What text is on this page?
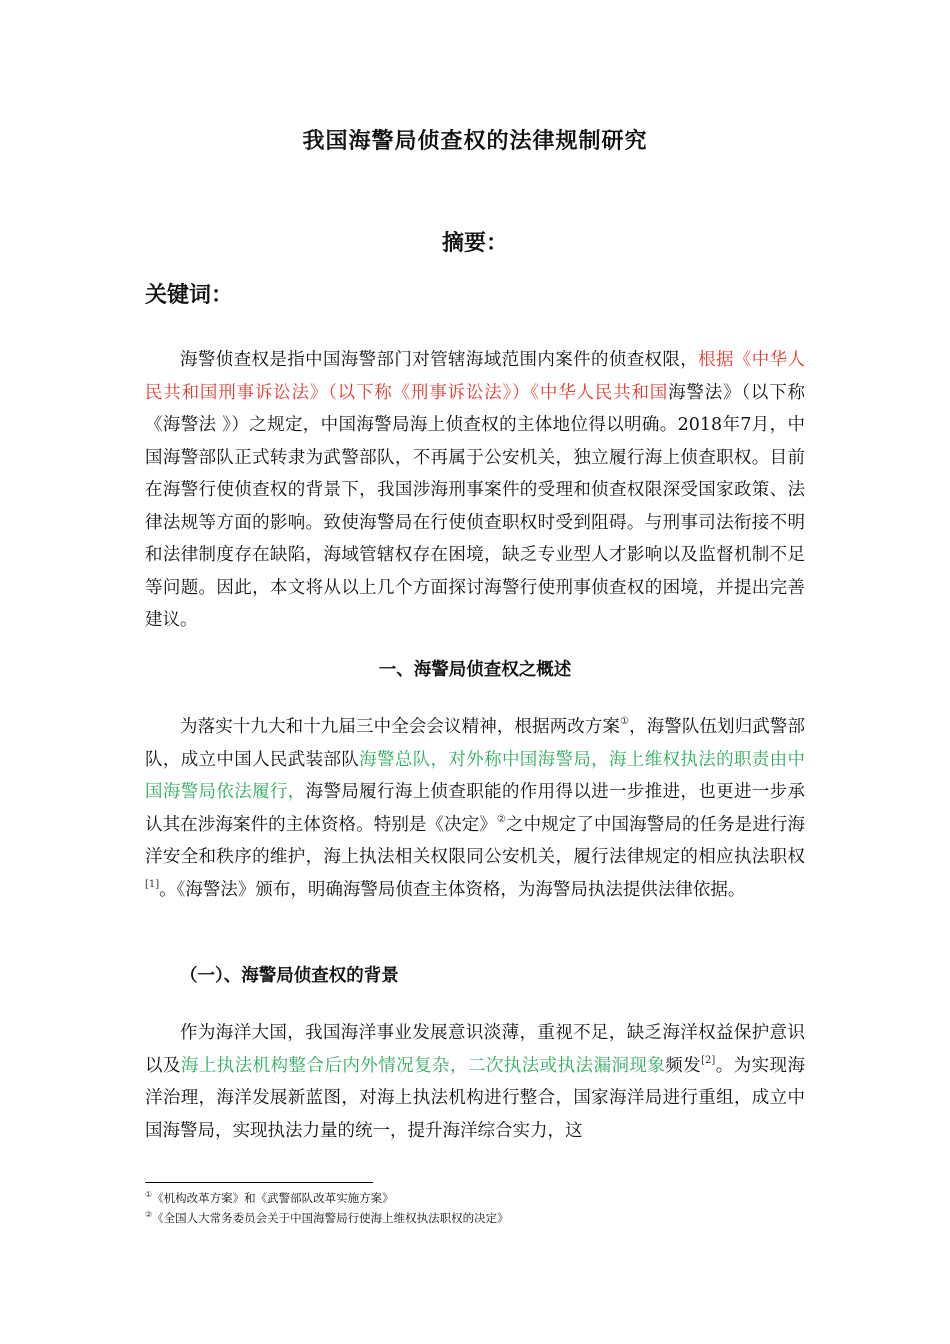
我国海警局侦查权的法律规制研究
摘要：
关键词：

海警侦查权是指中国海警部门对管辖海域范围内案件的侦查权限，根据《中华人民共和国刑事诉讼法》（以下称《刑事诉讼法》）《中华人民共和国海警法》（以下称《海警法 》）之规定，中国海警局海上侦查权的主体地位得以明确。2018年7月，中国海警部队正式转隶为武警部队，不再属于公安机关，独立履行海上侦查职权。目前在海警行使侦查权的背景下，我国涉海刑事案件的受理和侦查权限深受国家政策、法律法规等方面的影响。致使海警局在行使侦查职权时受到阻碍。与刑事司法衔接不明和法律制度存在缺陷，海域管辖权存在困境，缺乏专业型人才影响以及监督机制不足等问题。因此，本文将从以上几个方面探讨海警行使刑事侦查权的困境，并提出完善建议。

一、海警局侦查权之概述

为落实十九大和十九届三中全会会议精神，根据两改方案①，海警队伍划归武警部队，成立中国人民武装部队海警总队，对外称中国海警局，海上维权执法的职责由中国海警局依法履行，海警局履行海上侦查职能的作用得以进一步推进，也更进一步承认其在涉海案件的主体资格。特别是《决定》②之中规定了中国海警局的任务是进行海洋安全和秩序的维护，海上执法相关权限同公安机关，履行法律规定的相应执法职权[1]。《海警法》颁布，明确海警局侦查主体资格，为海警局执法提供法律依据。

（一）、海警局侦查权的背景

作为海洋大国，我国海洋事业发展意识淡薄，重视不足，缺乏海洋权益保护意识以及海上执法机构整合后内外情况复杂，二次执法或执法漏洞现象频发[2]。为实现海洋治理，海洋发展新蓝图，对海上执法机构进行整合，国家海洋局进行重组，成立中国海警局，实现执法力量的统一，提升海洋综合实力，这

①《机构改革方案》和《武警部队改革实施方案》

②《全国人大常务委员会关于中国海警局行使海上维权执法职权的决定》
